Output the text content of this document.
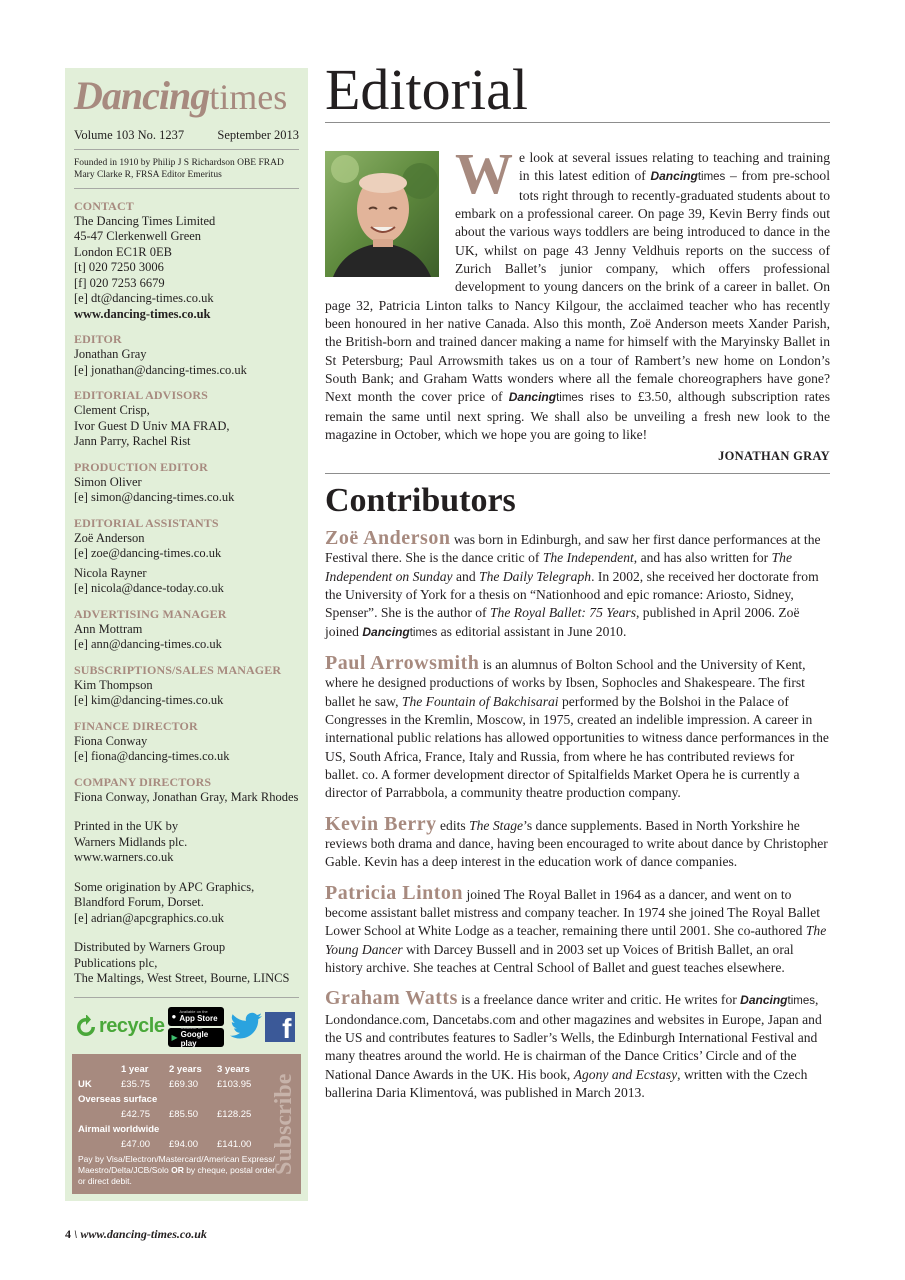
Dancingtimes
Volume 103 No. 1237	September 2013
Founded in 1910 by Philip J S Richardson OBE FRAD
Mary Clarke R, FRSA Editor Emeritus
CONTACT
The Dancing Times Limited
45-47 Clerkenwell Green
London EC1R 0EB
[t] 020 7250 3006
[f] 020 7253 6679
[e] dt@dancing-times.co.uk
www.dancing-times.co.uk
EDITOR
Jonathan Gray
[e] jonathan@dancing-times.co.uk
EDITORIAL ADVISORS
Clement Crisp,
Ivor Guest D Univ MA FRAD,
Jann Parry, Rachel Rist
PRODUCTION EDITOR
Simon Oliver
[e] simon@dancing-times.co.uk
EDITORIAL ASSISTANTS
Zoë Anderson
[e] zoe@dancing-times.co.uk
Nicola Rayner
[e] nicola@dance-today.co.uk
ADVERTISING MANAGER
Ann Mottram
[e] ann@dancing-times.co.uk
SUBSCRIPTIONS/SALES MANAGER
Kim Thompson
[e] kim@dancing-times.co.uk
FINANCE DIRECTOR
Fiona Conway
[e] fiona@dancing-times.co.uk
COMPANY DIRECTORS
Fiona Conway, Jonathan Gray, Mark Rhodes
Printed in the UK by
Warners Midlands plc.
www.warners.co.uk
Some origination by APC Graphics,
Blandford Forum, Dorset.
[e] adrian@apcgraphics.co.uk
Distributed by Warners Group
Publications plc,
The Maltings, West Street, Bourne, LINCS
recycle ●
Available on the
App Store
▶
Available on
Google play	f
1 year	2 years	3 years
UK	£35.75	£69.30	£103.95
Overseas surface
£42.75	£85.50	£128.25
Airmail worldwide
£47.00	£94.00	£141.00
Pay by Visa/Electron/Mastercard/American Express/ Maestro/Delta/JCB/Solo OR by cheque, postal order or direct debit.
Subscribe
Editorial
We look at several issues relating to teaching and training in this latest edition of Dancingtimes – from pre-school tots right through to recently-graduated students about to embark on a professional career. On page 39, Kevin Berry finds out about the various ways toddlers are being introduced to dance in the UK, whilst on page 43 Jenny Veldhuis reports on the success of Zurich Ballet’s junior company, which offers professional development to young dancers on the brink of a career in ballet. On page 32, Patricia Linton talks to Nancy Kilgour, the acclaimed teacher who has recently been honoured in her native Canada. Also this month, Zoë Anderson meets Xander Parish, the British-born and trained dancer making a name for himself with the Maryinsky Ballet in St Petersburg; Paul Arrowsmith takes us on a tour of Rambert’s new home on London’s South Bank; and Graham Watts wonders where all the female choreographers have gone? Next month the cover price of Dancingtimes rises to £3.50, although subscription rates remain the same until next spring. We shall also be unveiling a fresh new look to the magazine in October, which we hope you are going to like!
JONATHAN GRAY
Contributors

Zoë Anderson was born in Edinburgh, and saw her first dance performances at the Festival there. She is the dance critic of The Independent, and has also written for The Independent on Sunday and The Daily Telegraph. In 2002, she received her doctorate from the University of York for a thesis on “Nationhood and epic romance: Ariosto, Sidney, Spenser”. She is the author of The Royal Ballet: 75 Years, published in April 2006. Zoë joined Dancingtimes as editorial assistant in June 2010.

Paul Arrowsmith is an alumnus of Bolton School and the University of Kent, where he designed productions of works by Ibsen, Sophocles and Shakespeare. The first ballet he saw, The Fountain of Bakchisarai performed by the Bolshoi in the Palace of Congresses in the Kremlin, Moscow, in 1975, created an indelible impression. A career in international public relations has allowed opportunities to witness dance performances in the US, South Africa, France, Italy and Russia, from where he has contributed reviews for ballet. co. A former development director of Spitalfields Market Opera he is currently a director of Parrabbola, a community theatre production company.

Kevin Berry edits The Stage’s dance supplements. Based in North Yorkshire he reviews both drama and dance, having been encouraged to write about dance by Christopher Gable. Kevin has a deep interest in the education work of dance companies.

Patricia Linton joined The Royal Ballet in 1964 as a dancer, and went on to become assistant ballet mistress and company teacher. In 1974 she joined The Royal Ballet Lower School at White Lodge as a teacher, remaining there until 2001. She co-authored The Young Dancer with Darcey Bussell and in 2003 set up Voices of British Ballet, an oral history archive. She teaches at Central School of Ballet and guest teaches elsewhere.

Graham Watts is a freelance dance writer and critic. He writes for Dancingtimes, Londondance.com, Dancetabs.com and other magazines and websites in Europe, Japan and the US and contributes features to Sadler’s Wells, the Edinburgh International Festival and many theatres around the world. He is chairman of the Dance Critics’ Circle and of the National Dance Awards in the UK. His book, Agony and Ecstasy, written with the Czech ballerina Daria Klimentová, was published in March 2013.

4 \ www.dancing-times.co.uk
